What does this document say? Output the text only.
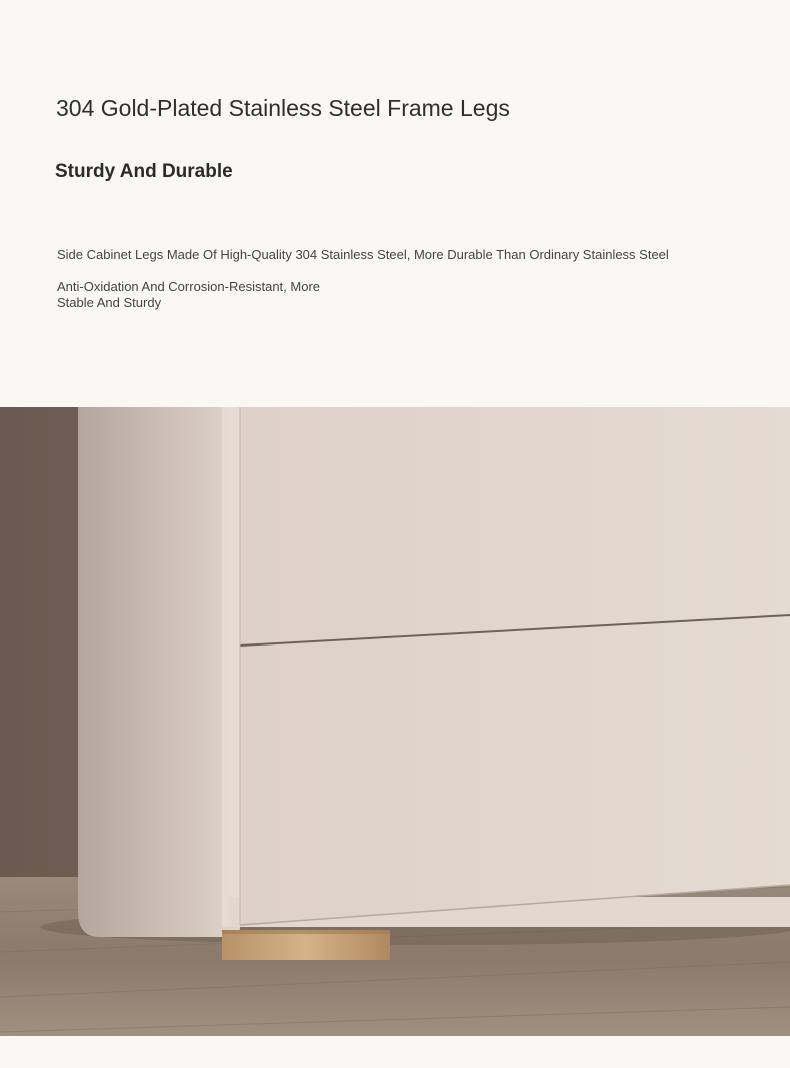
304 Gold-Plated Stainless Steel Frame Legs
Sturdy And Durable

Side Cabinet Legs Made Of High-Quality 304 Stainless Steel, More Durable Than Ordinary Stainless Steel

Anti-Oxidation And Corrosion-Resistant, More Stable And Sturdy
